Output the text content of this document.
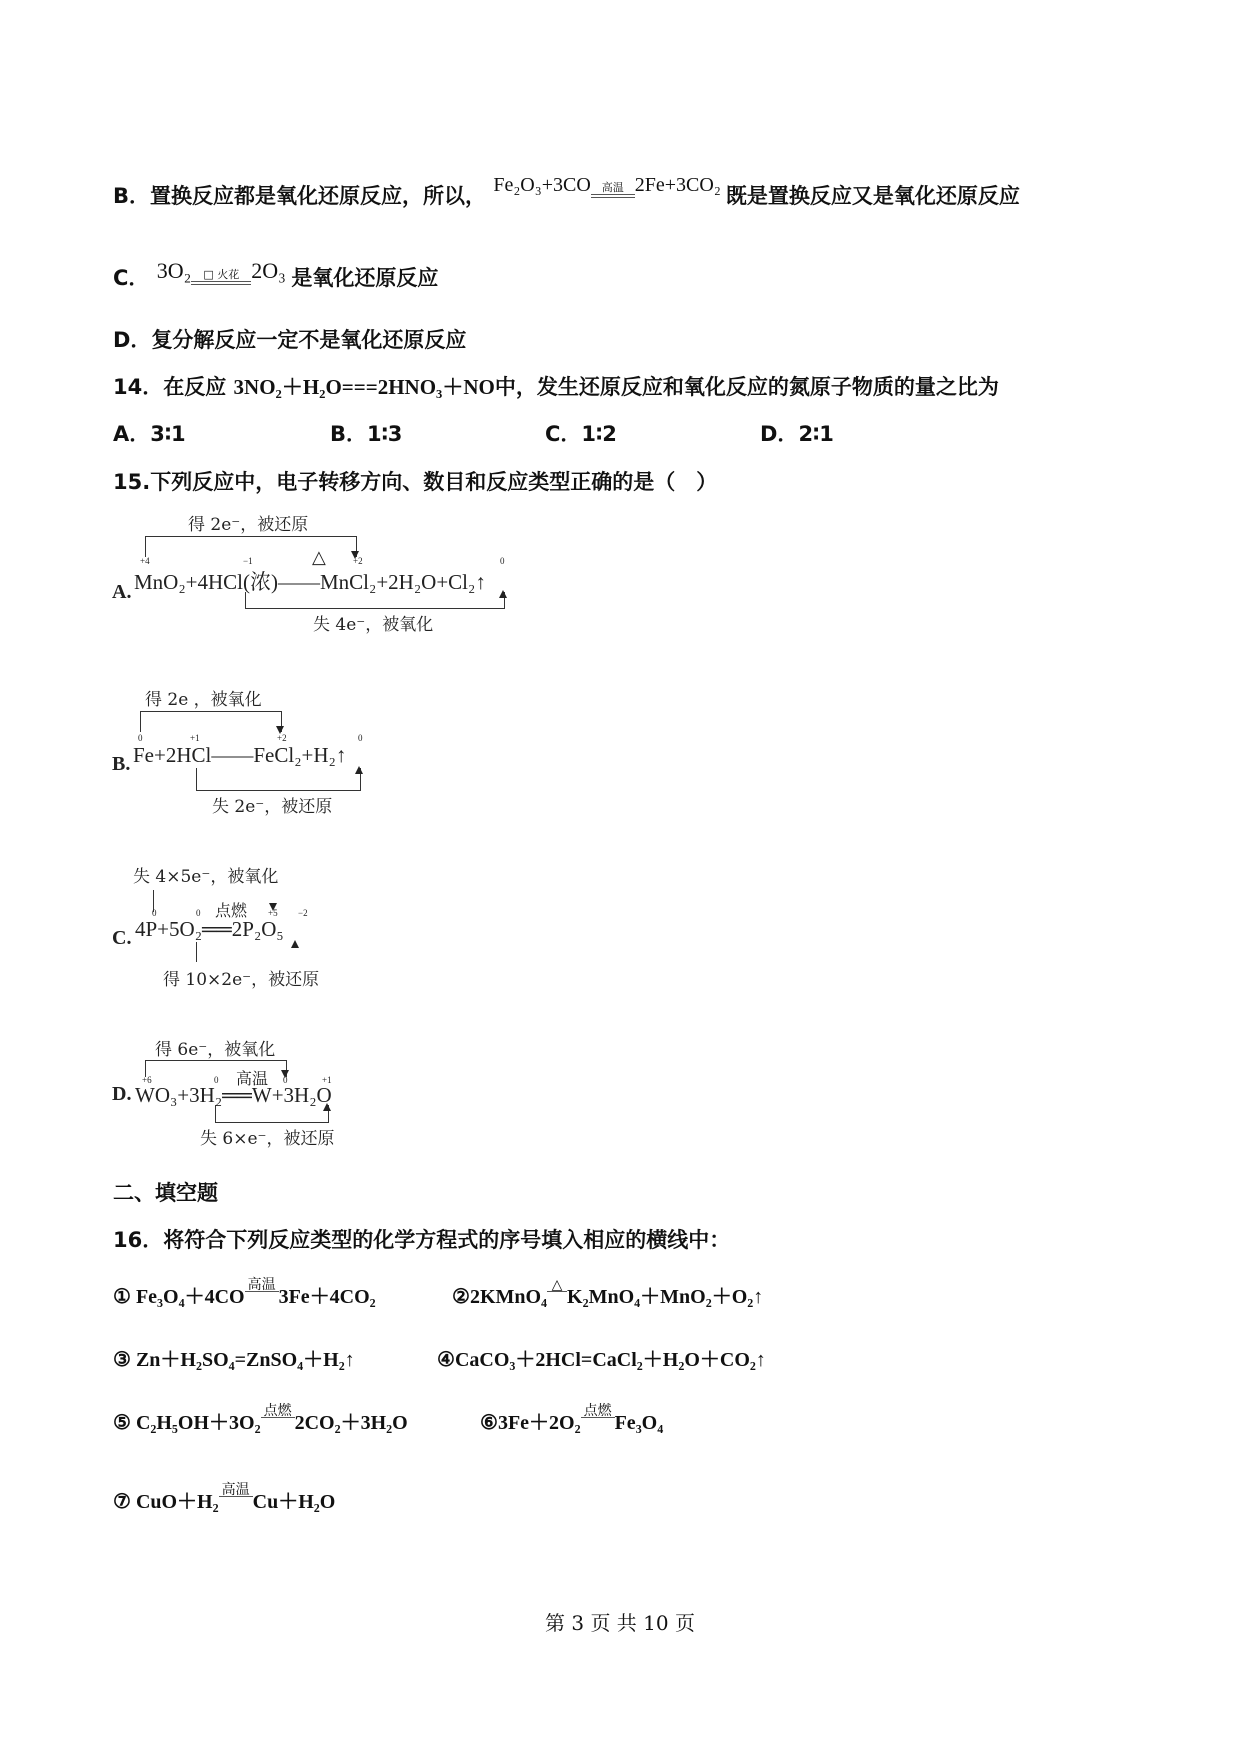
B．置换反应都是氧化还原反应，所以， Fe₂O₃+3CO	高温 2Fe+3CO₂ 既是置换反应又是氧化还原反应
C． 3O₂	□ 火花 2O₃ 是氧化还原反应
D．复分解反应一定不是氧化还原反应
14．在反应 3NO₂＋H₂O===2HNO₃＋NO中，发生还原反应和氧化反应的氮原子物质的量之比为
A．3∶1	B．1∶3	C．1∶2	D．2∶1
15.下列反应中，电子转移方向、数目和反应类型正确的是（　）
A.
得 2e⁻，被还原
+4	−1	+2	0
△
MnO₂+4HCl(浓)——MnCl₂+2H₂O+Cl₂↑
失 4e⁻，被氧化
B.
得 2e ，被氧化
0	+1	+2	0
Fe+2HCl——FeCl₂+H₂↑
失 2e⁻，被还原
C.
失 4×5e⁻，被氧化
0	0	+5 −2
点燃
4P+5O₂══2P₂O₅
得 10×2e⁻，被还原
D.
得 6e⁻，被氧化
+6	0	0	+1
高温
WO₃+3H₂══W+3H₂O
失 6×e⁻，被还原
二、填空题
16．将符合下列反应类型的化学方程式的序号填入相应的横线中：
① Fe₃O₄＋4CO
高温
3Fe＋4CO₂	②2KMnO₄
△
K₂MnO₄＋MnO₂＋O₂↑
③ Zn＋H₂SO₄=ZnSO₄＋H₂↑	④CaCO₃＋2HCl=CaCl₂＋H₂O＋CO₂↑
⑤ C₂H₅OH＋3O₂
点燃
2CO₂＋3H₂O	⑥3Fe＋2O₂
点燃
Fe₃O₄
⑦ CuO＋H₂
高温
Cu＋H₂O
第 3 页 共 10 页
